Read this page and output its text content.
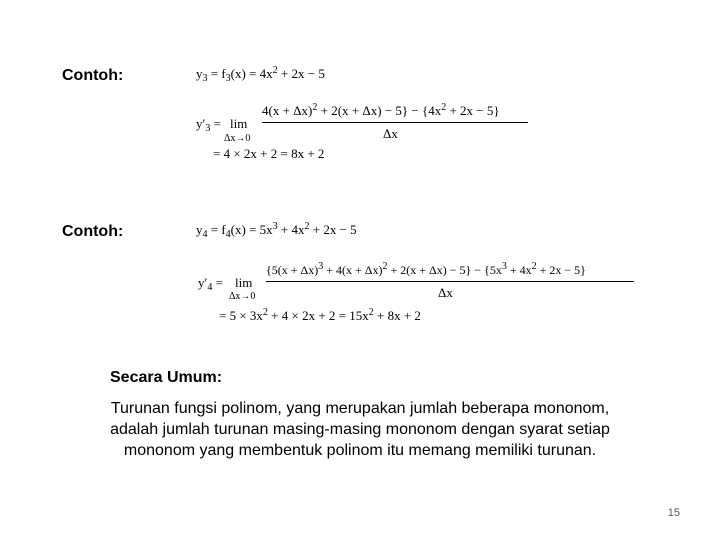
Contoh:	$y_3 = f_3(x) = 4x^2 + 2x - 5$
$y'_3 = \lim$
Δx→0
$4(x + \Delta x)^2 + 2(x + \Delta x) - 5\} - \{4x^2 + 2x - 5\}$
Δx
= 4 × 2x + 2 = 8x + 2
Contoh:	$y_4 = f_4(x) = 5x^3 + 4x^2 + 2x - 5$
$y'_4 = \lim$
Δx→0
$\{5(x + \Delta x)^3 + 4(x + \Delta x)^2 + 2(x + \Delta x) - 5\} - \{5x^3 + 4x^2 + 2x - 5\}$
Δx
= $5 \times 3x^2 + 4 \times 2x + 2 = 15x^2 + 8x + 2$
Secara Umum:
Turunan fungsi polinom, yang merupakan jumlah beberapa mononom, adalah jumlah turunan masing-masing mononom dengan syarat setiap mononom yang membentuk polinom itu memang memiliki turunan.
15
